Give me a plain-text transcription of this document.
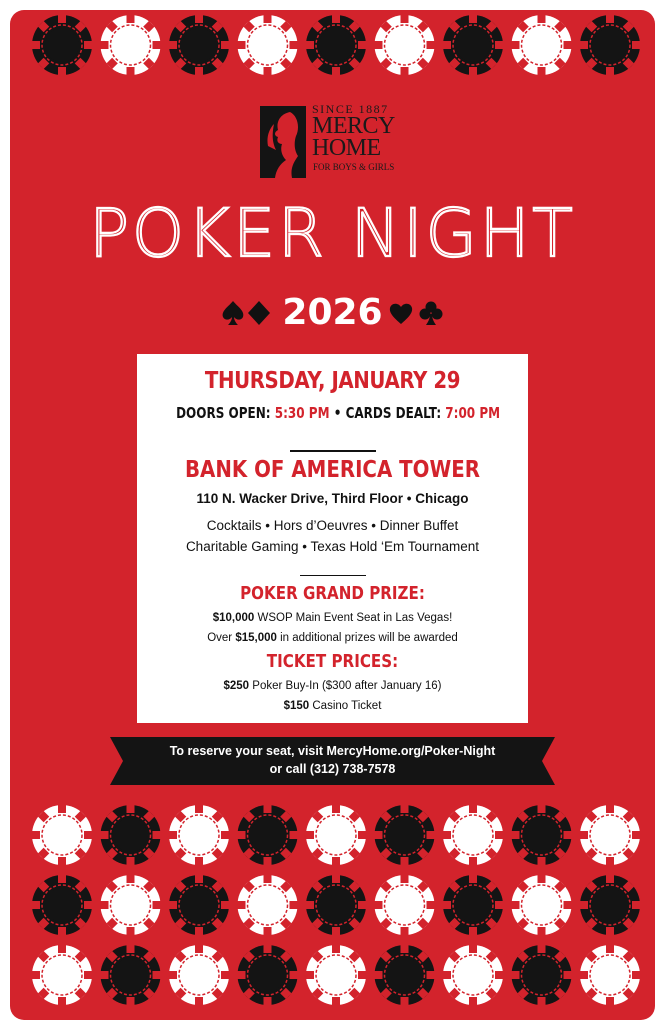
SINCE 1887
MERCY
HOME
FOR BOYS & GIRLS
POKER NIGHT
2026
THURSDAY, JANUARY 29
DOORS OPEN: 5:30 PM • CARDS DEALT: 7:00 PM
BANK OF AMERICA TOWER
110 N. Wacker Drive, Third Floor • Chicago
Cocktails • Hors d’Oeuvres • Dinner Buffet
Charitable Gaming • Texas Hold ‘Em Tournament
POKER GRAND PRIZE:
$10,000 WSOP Main Event Seat in Las Vegas!
Over $15,000 in additional prizes will be awarded
TICKET PRICES:
$250 Poker Buy-In ($300 after January 16)
$150 Casino Ticket
To reserve your seat, visit MercyHome.org/Poker-Night
or call (312) 738-7578
